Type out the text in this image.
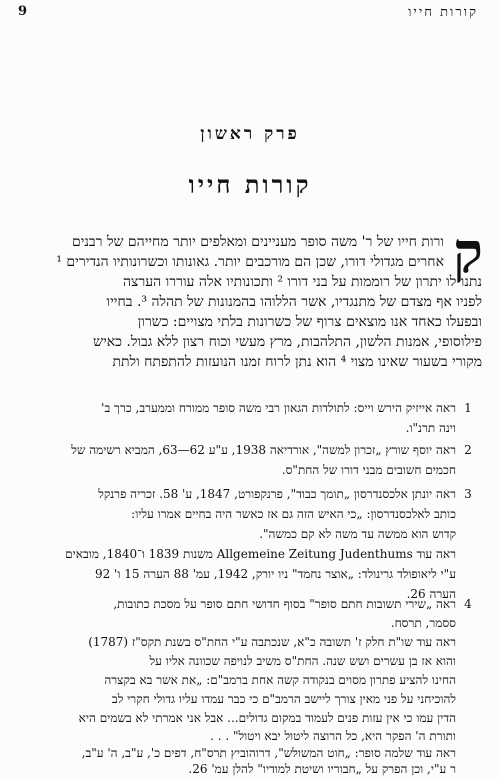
9	קורות חייו
פרק ראשון
קורות חייו
ק
ורות חייו של ר' משה סופר מעניינים ומאלפים יותר מחייהם של רבנים
אחרים מגדולי דורו, שכן הם מורכבים יותר. גאונותו וכשרונותיו הנדירים ¹
נתנו לו יתרון של רוממות על בני דורו ² ותכונותיו אלה עוררו הערצה
לפניו אף מצדם של מתנגדיו, אשר הללוהו בהמנונות של תהלה ³. בחייו
ובפעלו כאחד אנו מוצאים צרוף של כשרונות בלתי מצויים: כשרון
פילוסופי, אמנות הלשון, התלהבות, מרץ מעשי וכוח רצון ללא גבול. כאיש
מקורי בשעור שאינו מצוי ⁴ הוא נתן לרוח זמנו הנועזות להתפתח ולתת
1
ראה אייזיק הירש וייס: לתולדות הגאון רבי משה סופר ממורח וממערב, כרך ב'
וינה תרנ"ו.
2
ראה יוסף שורץ „זכרון למשה", אורדיאה 1938, ע"ע 62—63, המביא רשימה של
חכמים חשובים מבני דורו של החת"ס.
3
ראה יונתן אלכסנדרסון „תומך כבוד", פרנקפורט, 1847, ע' 58. זכריה פרנקל
כותב לאלכסנדרסון: „כי האיש הזה גם אז כאשר היה בחיים אמרו עליו:
קדוש הוא ממשה עד משה לא קם כמשה".
ראה עוד Allgemeine Zeitung Judenthums משנות 1839 ו־1840, מובאים
ע"י ליאופולד גרינולד: „אוצר נחמד" ניו יורק, 1942, עמ' 88 הערה 15 ו' 92
הערה 26.
4
ראה „שירי תשובות חתם סופר" בסוף חדושי חתם סופר על מסכת כתובות,
ססמר, תרסח.
ראה עוד שו"ת חלק ז' תשובה כ"א, שנכתבה ע"י החת"ס בשנת תקס"ז (1787)
והוא אז בן עשרים ושש שנה. החת"ס משיב לנויפה שכוונה אליו על
החינו להציע פתרון מסוים בנקודה קשה אחת ברמב"ם: „את אשר בא בקצרה
להוכיחני על פני מאין צורך ליישב הרמב"ם כי כבר עמדו עליו גדולי חקרי לב
הדין עמו כי אין עזות פנים לעמוד במקום גדולים... אבל אני אמרתי לא בשמים היא
ותורת ה' הפקר היא, כל הרוצה ליטול יבא ויטול" . . .
ראה עוד שלמה סופר: „חוט המשולש", דרוהוביץ תרס"ח, דפים כ', ע"ב, ה' ע"ב,
ר ע"י, וכן הפרק על „חבוריו ושיטת למודיו" להלן עמ' 26.
